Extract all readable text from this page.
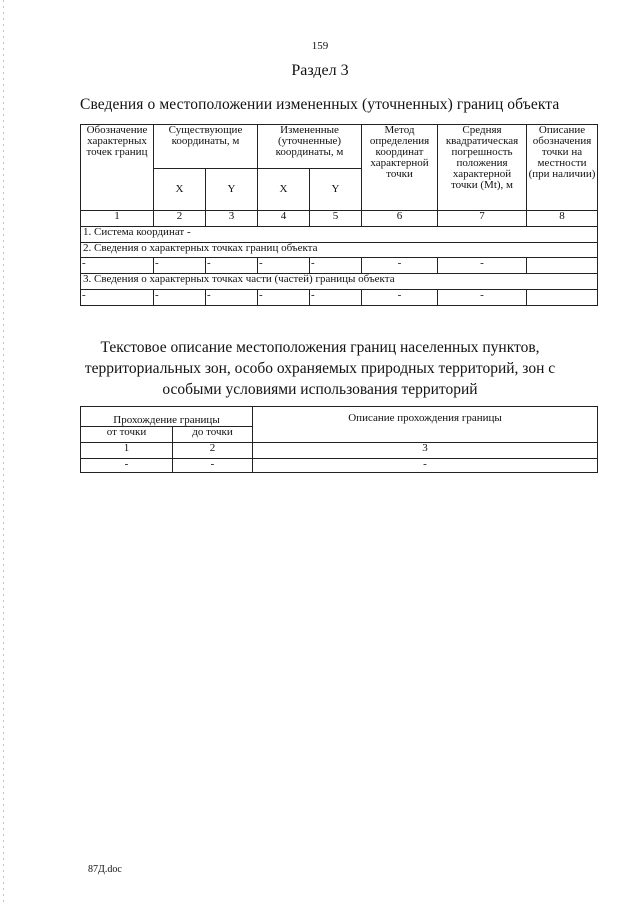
159
Раздел 3
Сведения о местоположении измененных (уточненных) границ объекта
Обозначение характерных точек границ	Существующие координаты, м		Измененные (уточненные) координаты, м		Метод определения координат характерной точки	Средняя квадратическая погрешность положения характерной точки (Mt), м	Описание обозначения точки на местности (при наличии)
	X	Y	X	Y			
1	2	3	4	5	6	7	8
1. Система координат -							
2. Сведения о характерных точках границ объекта							
-	-	-	-	-	-	-	
3. Сведения о характерных точках части (частей) границы объекта							
-	-	-	-	-	-	-	
Текстовое описание местоположения границ населенных пунктов,
территориальных зон, особо охраняемых природных территорий, зон с
особыми условиями использования территорий
Прохождение границы		Описание прохождения границы
от точки	до точки	
1	2	3
-	-	-
87Д.doc
